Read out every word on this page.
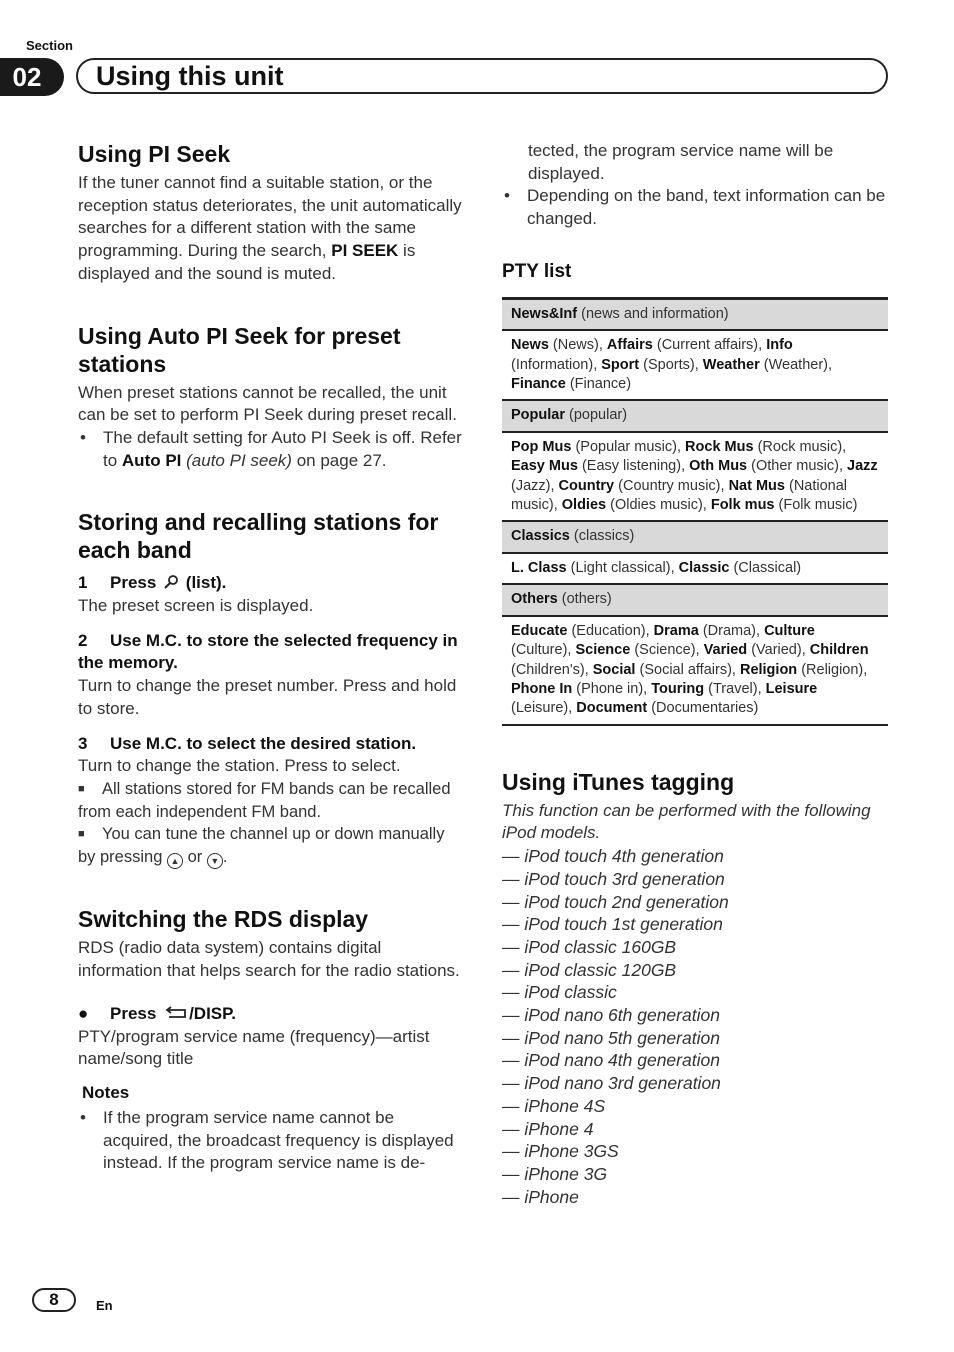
Section
02	Using this unit
Using PI Seek

If the tuner cannot find a suitable station, or the reception status deteriorates, the unit automatically searches for a different station with the same programming. During the search, PI SEEK is displayed and the sound is muted.

Using Auto PI Seek for preset stations

When preset stations cannot be recalled, the unit can be set to perform PI Seek during preset recall.

• The default setting for Auto PI Seek is off. Refer to Auto PI (auto PI seek) on page 27.
Storing and recalling stations for each band
1 Press (list).

The preset screen is displayed.

2 Use M.C. to store the selected frequency in the memory.

Turn to change the preset number. Press and hold to store.

3 Use M.C. to select the desired station.

Turn to change the station. Press to select.

■ All stations stored for FM bands can be recalled from each independent FM band.
■ You can tune the channel up or down manually by pressing ▲ or ▼ .
Switching the RDS display

RDS (radio data system) contains digital information that helps search for the radio stations.

● Press /DISP.

PTY/program service name (frequency)—artist name/song title

Notes
• If the program service name cannot be acquired, the broadcast frequency is displayed instead. If the program service name is de-

tected, the program service name will be displayed.

• Depending on the band, text information can be changed.
PTY list
News&Inf (news and information)
News (News), Affairs (Current affairs), Info (Information), Sport (Sports), Weather (Weather), Finance (Finance)
Popular (popular)
Pop Mus (Popular music), Rock Mus (Rock music), Easy Mus (Easy listening), Oth Mus (Other music), Jazz (Jazz), Country (Country music), Nat Mus (National music), Oldies (Oldies music), Folk mus (Folk music)
Classics (classics)
L. Class (Light classical), Classic (Classical)
Others (others)
Educate (Education), Drama (Drama), Culture (Culture), Science (Science), Varied (Varied), Children (Children's), Social (Social affairs), Religion (Religion), Phone In (Phone in), Touring (Travel), Leisure (Leisure), Document (Documentaries)
Using iTunes tagging

This function can be performed with the following iPod models.

— iPod touch 4th generation
— iPod touch 3rd generation
— iPod touch 2nd generation
— iPod touch 1st generation
— iPod classic 160GB
— iPod classic 120GB
— iPod classic
— iPod nano 6th generation
— iPod nano 5th generation
— iPod nano 4th generation
— iPod nano 3rd generation
— iPhone 4S
— iPhone 4
— iPhone 3GS
— iPhone 3G
— iPhone
8	En
